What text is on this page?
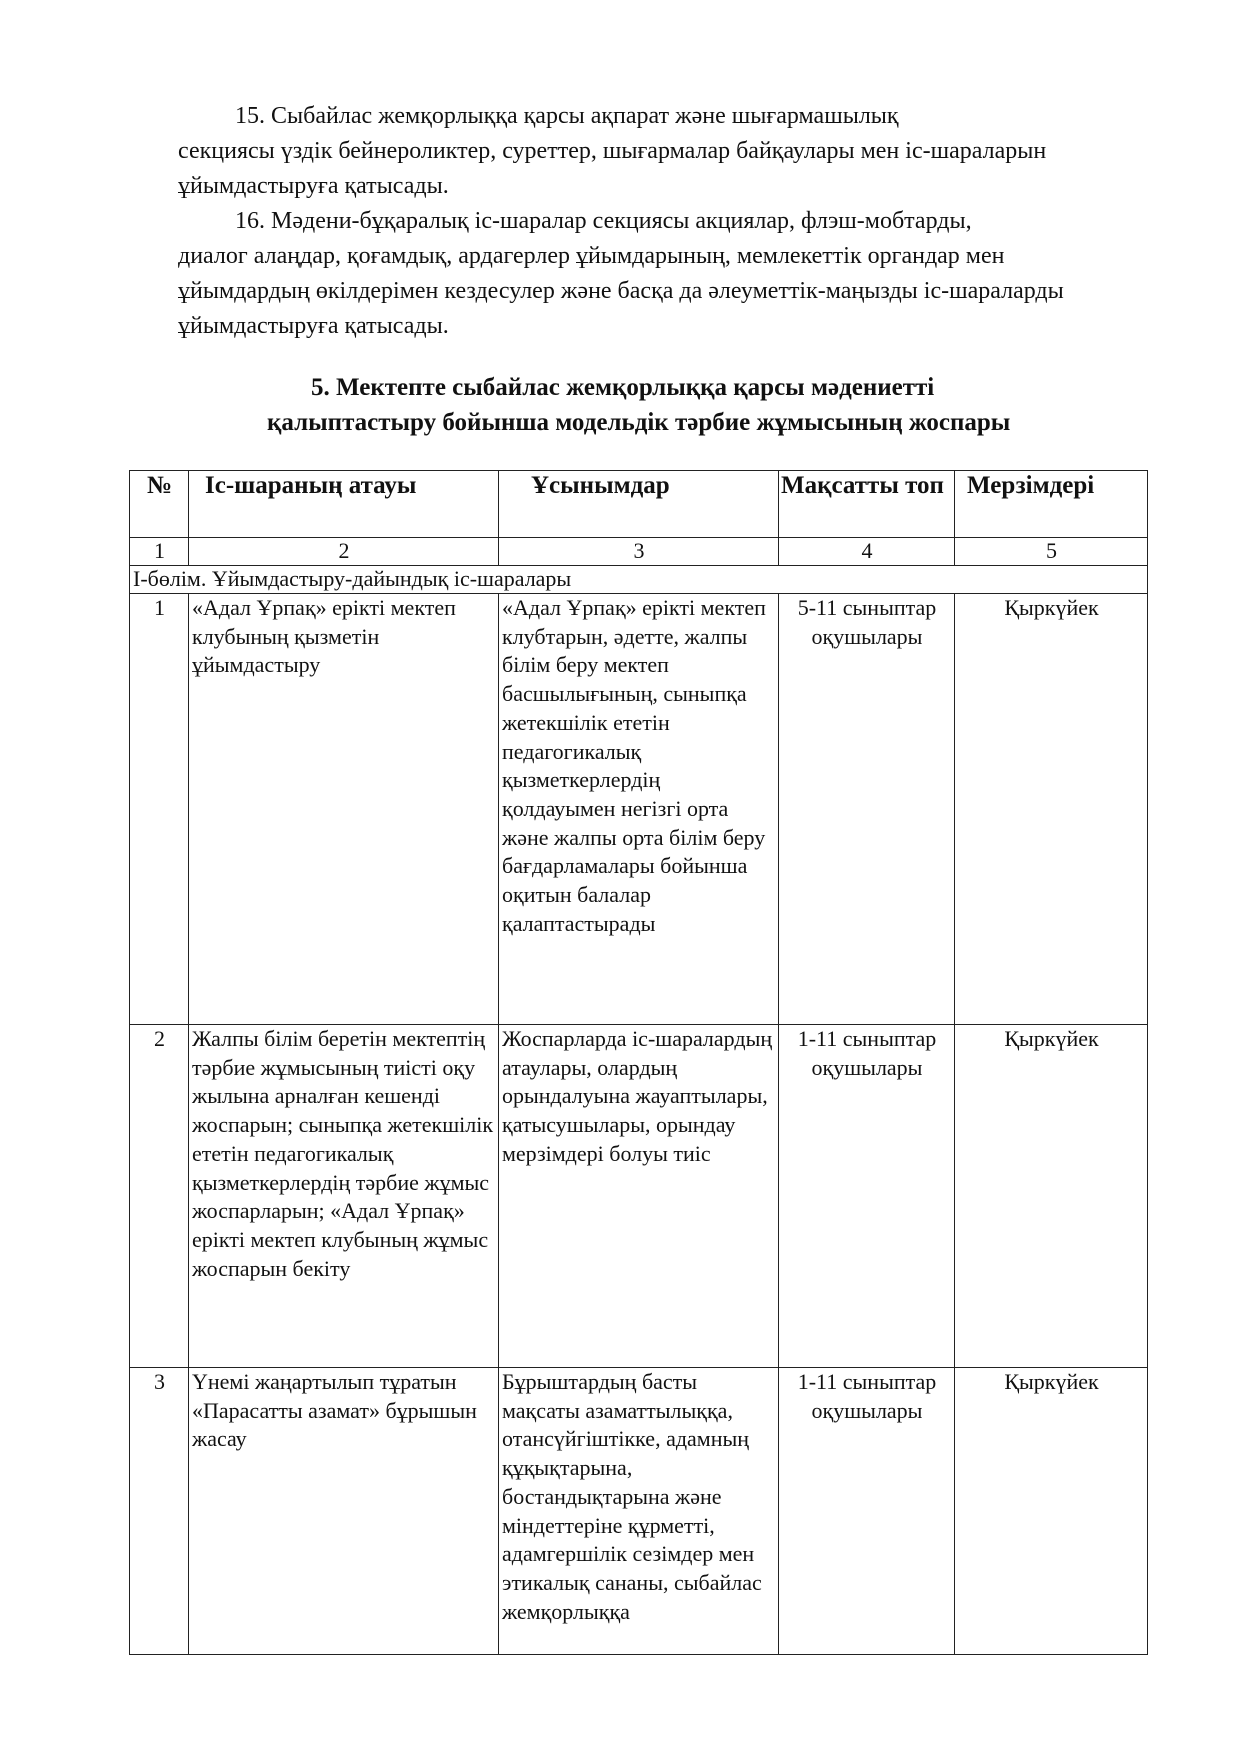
15. Сыбайлас жемқорлыққа қарсы ақпарат және шығармашылық
секциясы үздік бейнероликтер, суреттер, шығармалар байқаулары мен іс-шараларын ұйымдастыруға қатысады.
16. Мәдени-бұқаралық іс-шаралар секциясы акциялар, флэш-мобтарды,
диалог алаңдар, қоғамдық, ардагерлер ұйымдарының, мемлекеттік органдар мен ұйымдардың өкілдерімен кездесулер және басқа да әлеуметтік-маңызды іс-шараларды ұйымдастыруға қатысады.
5. Мектепте сыбайлас жемқорлыққа қарсы мәдениетті
қалыптастыру бойынша модельдік тәрбие жұмысының жоспары
№	Іс-шараның атауы	Ұсынымдар	Мақсатты топ	Мерзімдері
1	2	3	4	5
І-бөлім. Ұйымдастыру-дайындық іс-шаралары				
1	«Адал Ұрпақ» ерікті мектеп клубының қызметін ұйымдастыру	«Адал Ұрпақ» ерікті мектеп клубтарын, әдетте, жалпы білім беру мектеп басшылығының, сыныпқа жетекшілік ететін педагогикалық қызметкерлердің қолдауымен негізгі орта және жалпы орта білім беру бағдарламалары бойынша оқитын балалар қалаптастырады	5-11 сыныптар оқушылары	Қыркүйек
2	Жалпы білім беретін мектептің тәрбие жұмысының тиісті оқу жылына арналған кешенді жоспарын; сыныпқа жетекшілік ететін педагогикалық қызметкерлердің тәрбие жұмыс жоспарларын; «Адал Ұрпақ» ерікті мектеп клубының жұмыс жоспарын бекіту	Жоспарларда іс-шаралардың атаулары, олардың орындалуына жауаптылары, қатысушылары, орындау мерзімдері болуы тиіс	1-11 сыныптар оқушылары	Қыркүйек
3	Үнемі жаңартылып тұратын «Парасатты азамат» бұрышын жасау	Бұрыштардың басты мақсаты азаматтылыққа, отансүйгіштікке, адамның құқықтарына, бостандықтарына және міндеттеріне құрметті, адамгершілік сезімдер мен этикалық сананы, сыбайлас жемқорлыққа	1-11 сыныптар оқушылары	Қыркүйек
